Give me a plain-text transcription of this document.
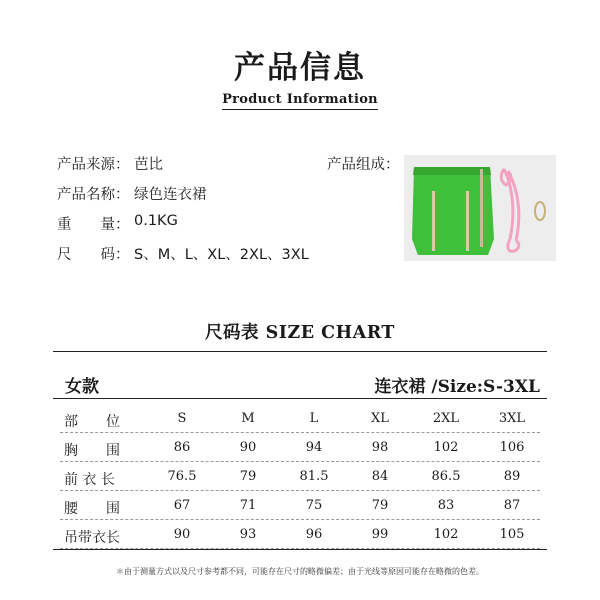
产品信息
Product Information
产品来源： 芭比
产品名称： 绿色连衣裙
重　　量： 0.1KG
尺　　码： S、M、L、XL、2XL、3XL
产品组成：
尺码表 SIZE CHART
女款	连衣裙 /Size:S-3XL
部　　位	S	M	L	XL	2XL	3XL
胸　　围	86	90	94	98	102	106
前 衣 长	76.5	79	81.5	84	86.5	89
腰　　围	67	71	75	79	83	87
吊带衣长	90	93	96	99	102	105
＊由于测量方式以及尺寸参考都不同，可能存在尺寸的略微偏差；由于光线等原因可能存在略微的色差。
